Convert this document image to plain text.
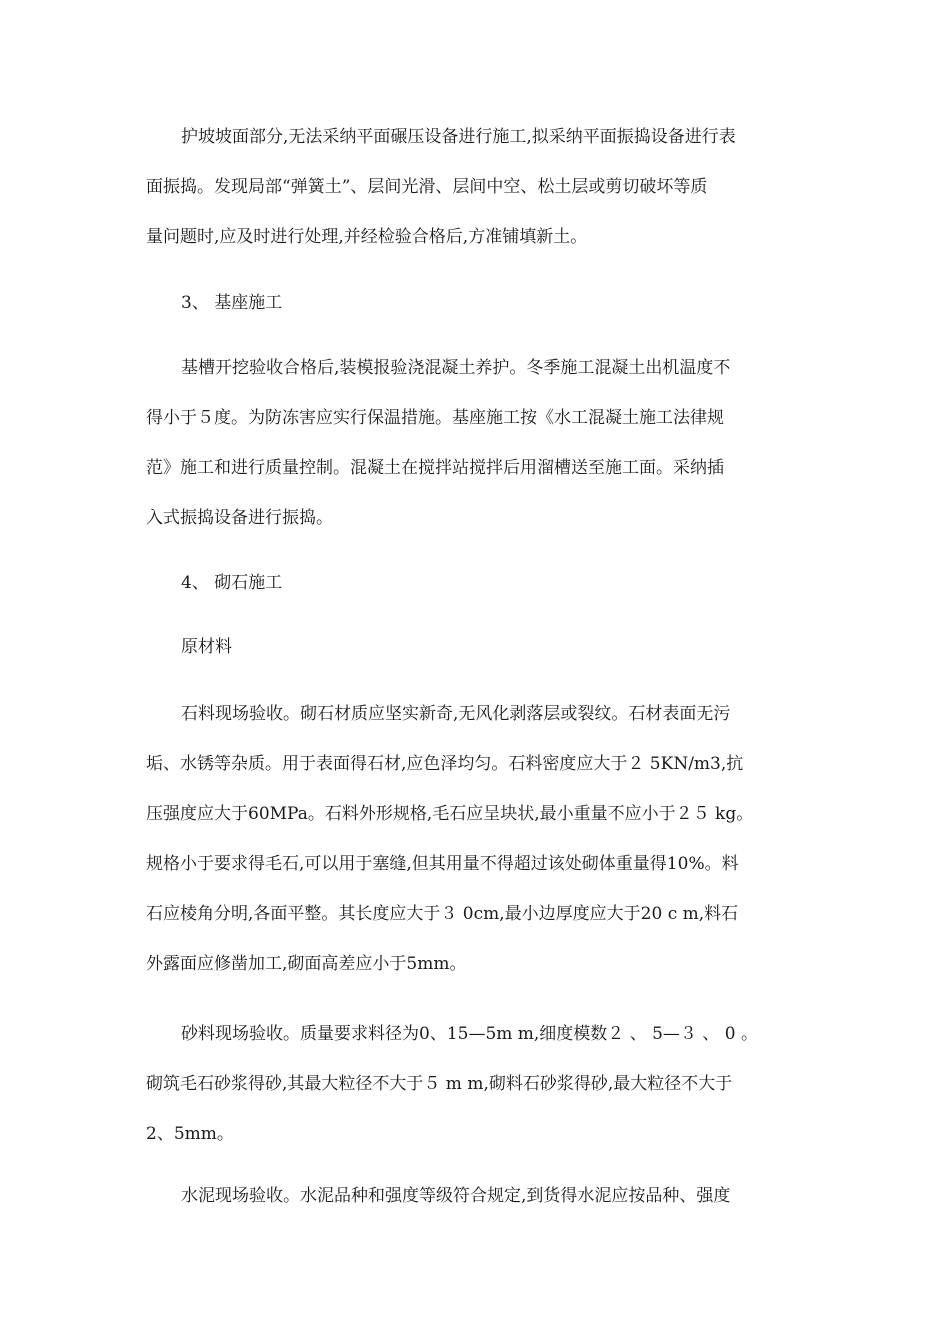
护坡坡面部分,无法采纳平面碾压设备进行施工,拟采纳平面振捣设备进行表
面振捣。发现局部“弹簧土”、层间光滑、层间中空、松土层或剪切破坏等质
量问题时,应及时进行处理,并经检验合格后,方准铺填新土。

3、 基座施工

基槽开挖验收合格后,装模报验浇混凝土养护。冬季施工混凝土出机温度不
得小于５度。为防冻害应实行保温措施。基座施工按《水工混凝土施工法律规
范》施工和进行质量控制。混凝土在搅拌站搅拌后用溜槽送至施工面。采纳插
入式振捣设备进行振捣。

4、 砌石施工

原材料

石料现场验收。砌石材质应坚实新奇,无风化剥落层或裂纹。石材表面无污
垢、水锈等杂质。用于表面得石材,应色泽均匀。石料密度应大于２ 5KN/m3,抗
压强度应大于60MPa。石料外形规格,毛石应呈块状,最小重量不应小于２５ kg。
规格小于要求得毛石,可以用于塞缝,但其用量不得超过该处砌体重量得10%。料
石应棱角分明,各面平整。其长度应大于３ 0cm,最小边厚度应大于20 c m,料石
外露面应修凿加工,砌面高差应小于5mm。

砂料现场验收。质量要求料径为0、15—5m m,细度模数２ 、 5—３ 、 0 。
砌筑毛石砂浆得砂,其最大粒径不大于５ m m,砌料石砂浆得砂,最大粒径不大于
2、5mm。

水泥现场验收。水泥品种和强度等级符合规定,到货得水泥应按品种、强度
